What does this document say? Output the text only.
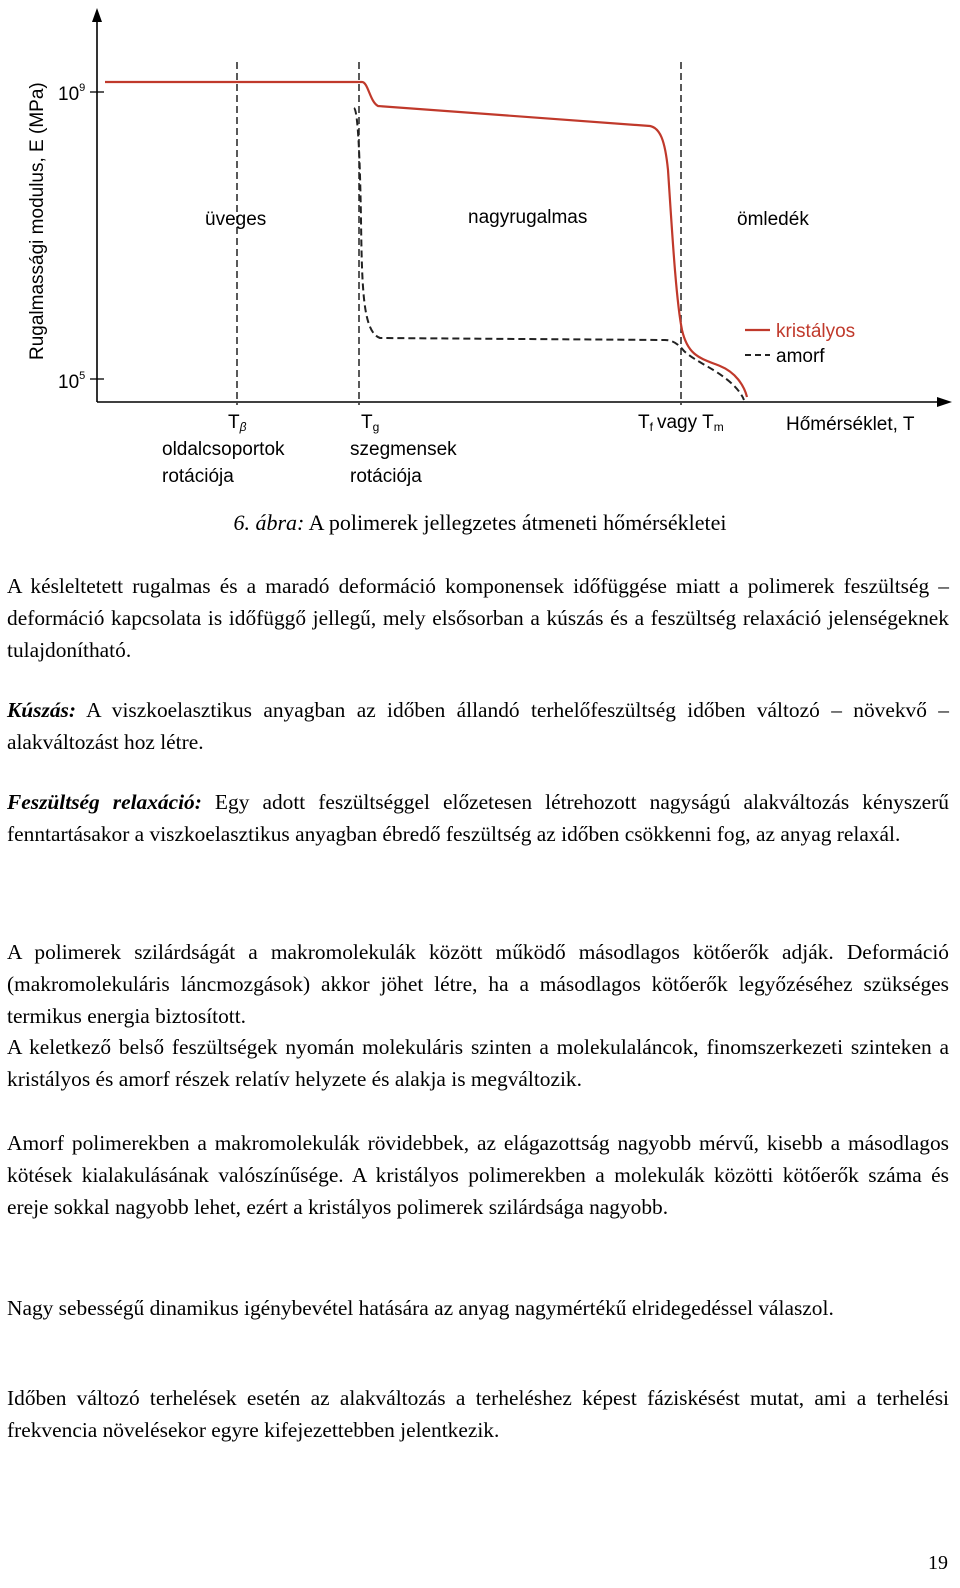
$10^9$
$10^5$
Rugalmassági modulus, E (MPa)	üveges	nagyrugalmas	ömledék
kristályos
amorf
Tβ	Tg	Tf vagy Tm	Hőmérséklet, T
oldalcsoportok
rotációja
szegmensek
rotációja
6. ábra: A polimerek jellegzetes átmeneti hőmérsékletei

A késleltetett rugalmas és a maradó deformáció komponensek időfüggése miatt a polimerek feszültség – deformáció kapcsolata is időfüggő jellegű, mely elsősorban a kúszás és a feszültség relaxáció jelenségeknek tulajdonítható.

Kúszás: A viszkoelasztikus anyagban az időben állandó terhelőfeszültség időben változó – növekvő – alakváltozást hoz létre.

Feszültség relaxáció: Egy adott feszültséggel előzetesen létrehozott nagyságú alakváltozás kényszerű fenntartásakor a viszkoelasztikus anyagban ébredő feszültség az időben csökkenni fog, az anyag relaxál.

A polimerek szilárdságát a makromolekulák között működő másodlagos kötőerők adják. Deformáció (makromolekuláris láncmozgások) akkor jöhet létre, ha a másodlagos kötőerők legyőzéséhez szükséges termikus energia biztosított.

A keletkező belső feszültségek nyomán molekuláris szinten a molekulaláncok, finomszerkezeti szinteken a kristályos és amorf részek relatív helyzete és alakja is megváltozik.

Amorf polimerekben a makromolekulák rövidebbek, az elágazottság nagyobb mérvű, kisebb a másodlagos kötések kialakulásának valószínűsége. A kristályos polimerekben a molekulák közötti kötőerők száma és ereje sokkal nagyobb lehet, ezért a kristályos polimerek szilárdsága nagyobb.

Nagy sebességű dinamikus igénybevétel hatására az anyag nagymértékű elridegedéssel válaszol.

Időben változó terhelések esetén az alakváltozás a terheléshez képest fáziskésést mutat, ami a terhelési frekvencia növelésekor egyre kifejezettebben jelentkezik.

19
